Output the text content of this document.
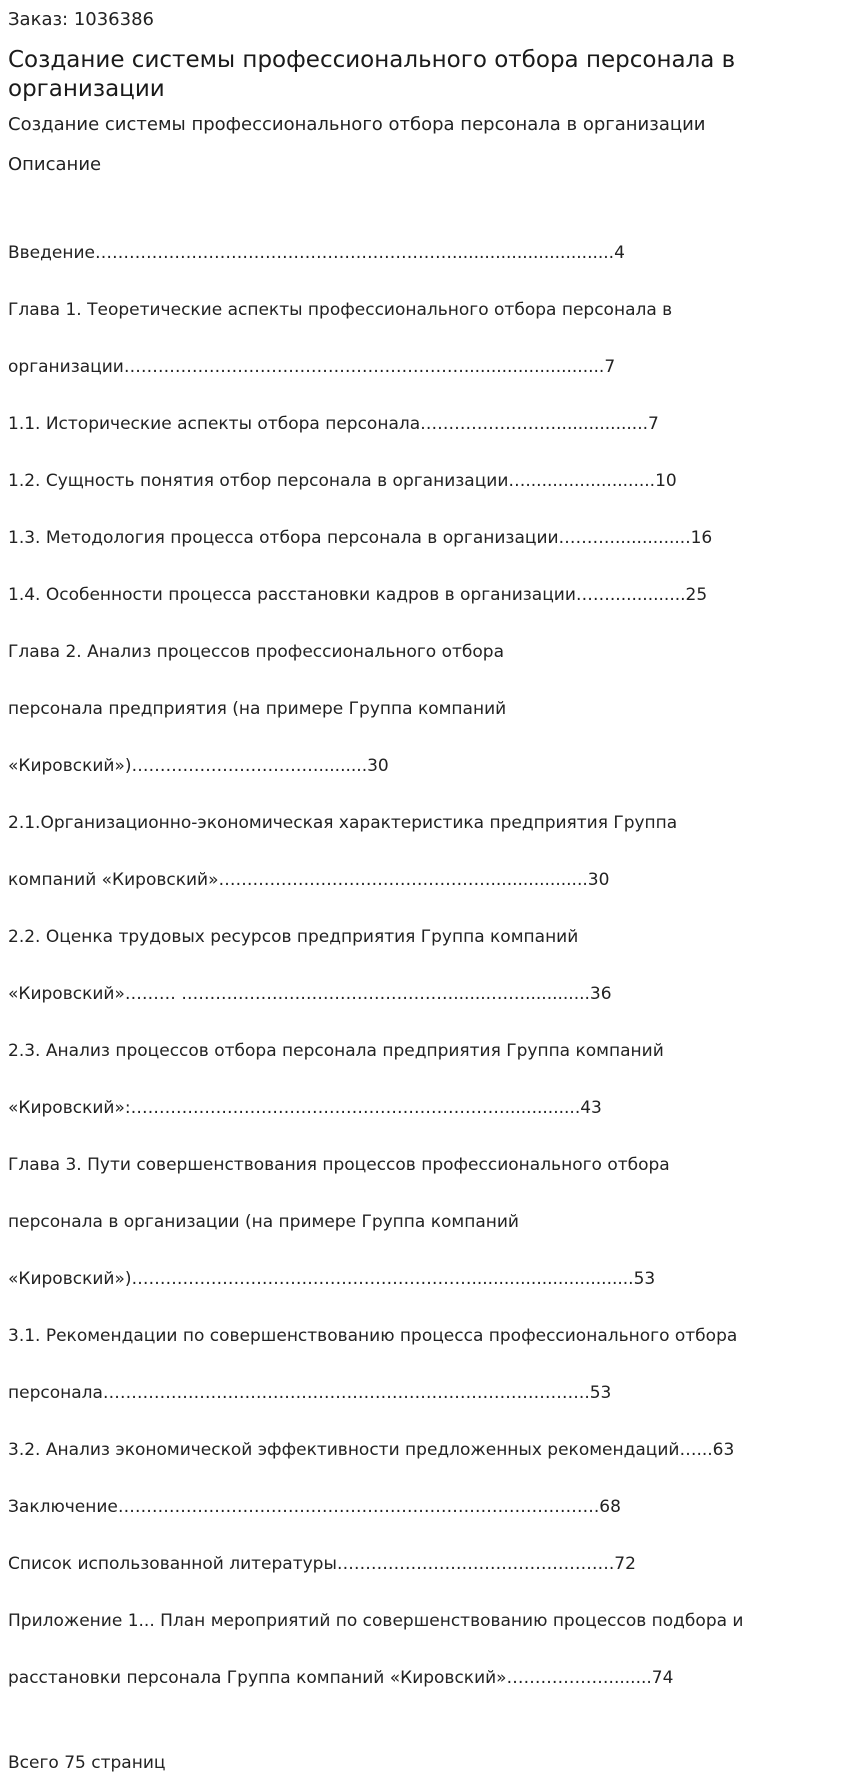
Заказ: 1036386
Создание системы профессионального отбора персонала в организации
Создание системы профессионального отбора персонала в организации
Описание

Введение………………………………………………………..............................4

Глава 1. Теоретические аспекты профессионального отбора персонала в

организации……………………………………………………..........................7

1.1. Исторические аспекты отбора персонала…………………….................7

1.2. Сущность понятия отбор персонала в организации…........................10

1.3. Методология процесса отбора персонала в организации………...............16

1.4. Особенности процесса расстановки кадров в организации……..............25

Глава 2. Анализ процессов профессионального отбора

персонала предприятия (на примере Группа компаний

«Кировский»)…………………………….........30

2.1.Организационно-экономическая характеристика предприятия Группа

компаний «Кировский»…………………………………………..................30

2.2. Оценка трудовых ресурсов предприятия Группа компаний

«Кировский»……… ………………………………………….......……............36

2.3. Анализ процессов отбора персонала предприятия Группа компаний

«Кировский»:…………………………………………………………..............43

Глава 3. Пути совершенствования процессов профессионального отбора

персонала в организации (на примере Группа компаний

«Кировский»)……………………………………………………..............................53

3.1. Рекомендации по совершенствованию процесса профессионального отбора

персонала…………………………………………………………………………..53

3.2. Анализ экономической эффективности предложенных рекомендаций…...63

Заключение………………………………………………………………………….68

Список использованной литературы………………………………………….72

Приложение 1... План мероприятий по совершенствованию процессов подбора и

расстановки персонала Группа компаний «Кировский»………………........74

Всего 75 страниц
